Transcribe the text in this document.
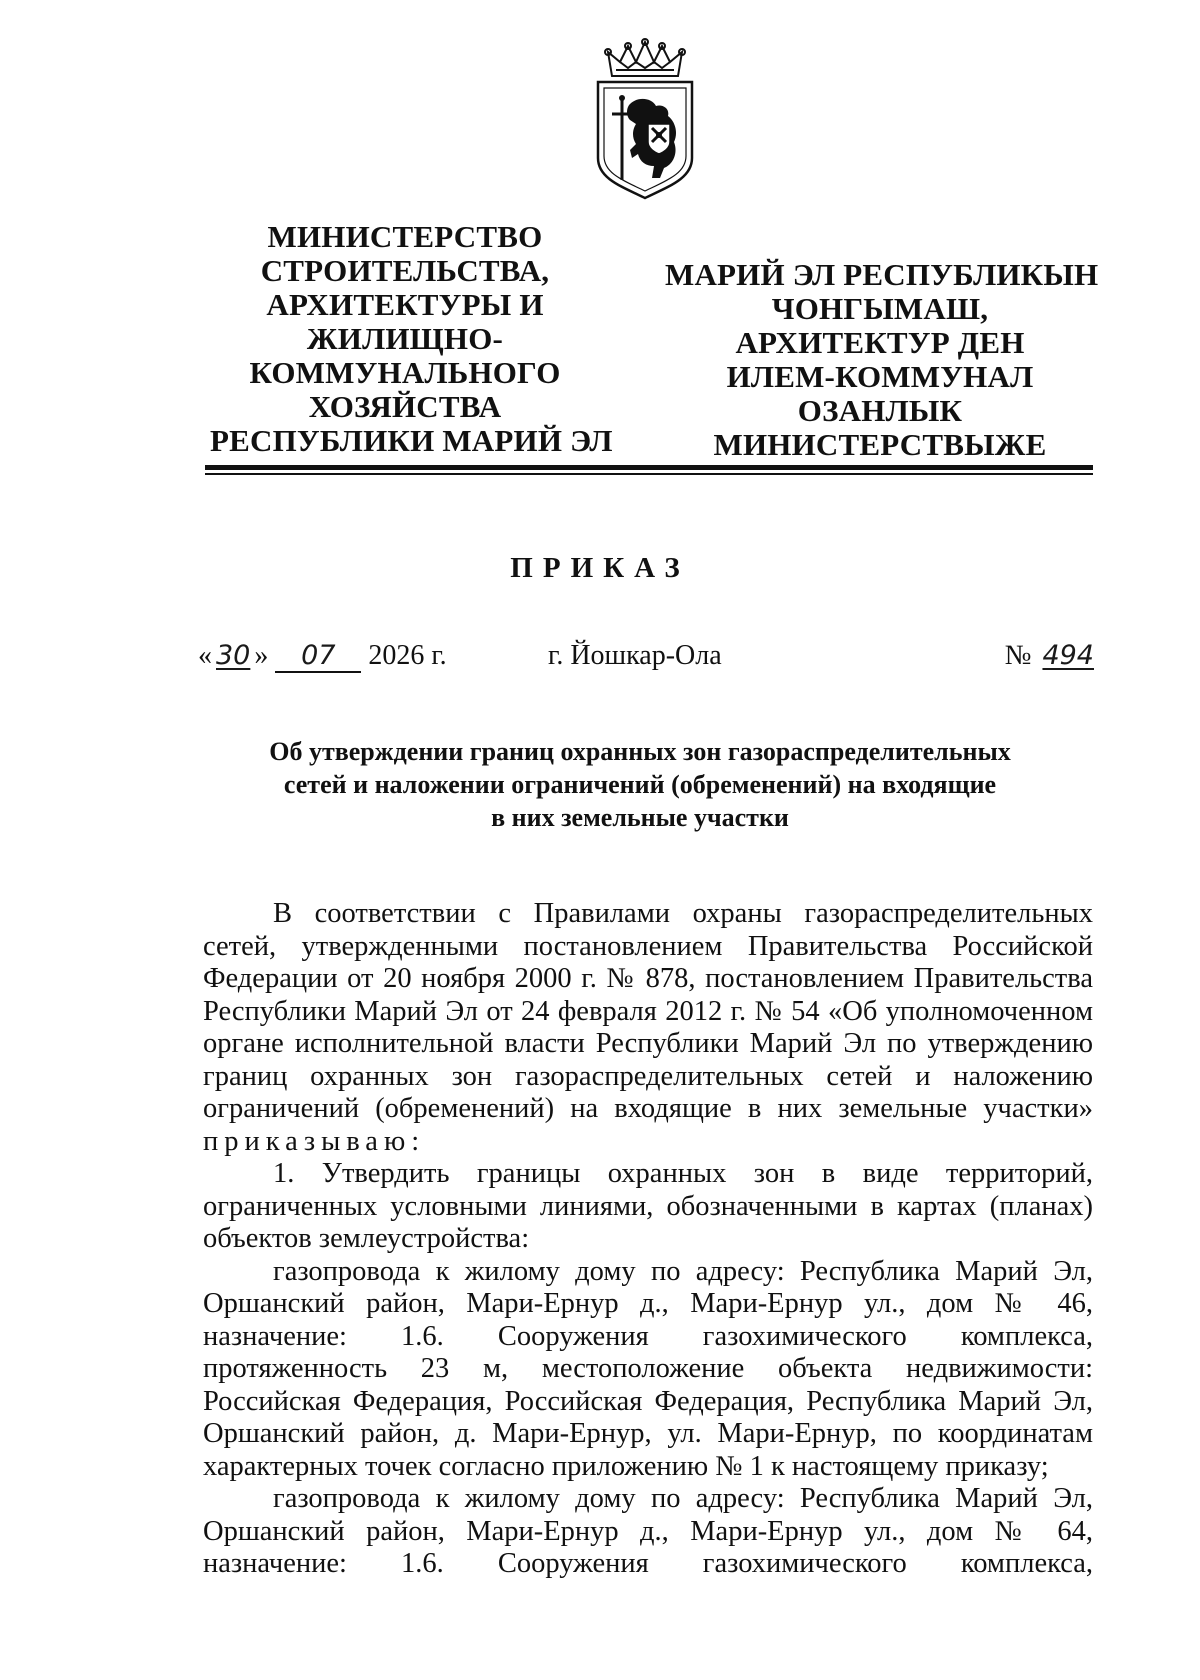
МИНИСТЕРСТВО
СТРОИТЕЛЬСТВА,
АРХИТЕКТУРЫ И
ЖИЛИЩНО-
КОММУНАЛЬНОГО
ХОЗЯЙСТВА
РЕСПУБЛИКИ МАРИЙ ЭЛ
МАРИЙ ЭЛ РЕСПУБЛИКЫН
ЧОНГЫМАШ,
АРХИТЕКТУР ДЕН
ИЛЕМ-КОММУНАЛ
ОЗАНЛЫК
МИНИСТЕРСТВЫЖЕ
ПРИКАЗ
« 30 » 07 2026 г.	г. Йошкар-Ола	№ 494
Об утверждении границ охранных зон газораспределительных
сетей и наложении ограничений (обременений) на входящие
в них земельные участки
В соответствии с Правилами охраны газораспределительных
сетей, утвержденными постановлением Правительства Российской
Федерации от 20 ноября 2000 г. № 878, постановлением Правительства
Республики Марий Эл от 24 февраля 2012 г. № 54 «Об уполномоченном
органе исполнительной власти Республики Марий Эл по утверждению
границ охранных зон газораспределительных сетей и наложению
ограничений (обременений) на входящие в них земельные участки»
приказываю:
1. Утвердить границы охранных зон в виде территорий,
ограниченных условными линиями, обозначенными в картах (планах)
объектов землеустройства:
газопровода к жилому дому по адресу: Республика Марий Эл,
Оршанский район, Мари-Ернур д., Мари-Ернур ул., дом № 46,
назначение: 1.6. Сооружения газохимического комплекса,
протяженность 23 м, местоположение объекта недвижимости:
Российская Федерация, Российская Федерация, Республика Марий Эл,
Оршанский район, д. Мари-Ернур, ул. Мари-Ернур, по координатам
характерных точек согласно приложению № 1 к настоящему приказу;
газопровода к жилому дому по адресу: Республика Марий Эл,
Оршанский район, Мари-Ернур д., Мари-Ернур ул., дом № 64,
назначение: 1.6. Сооружения газохимического комплекса,
